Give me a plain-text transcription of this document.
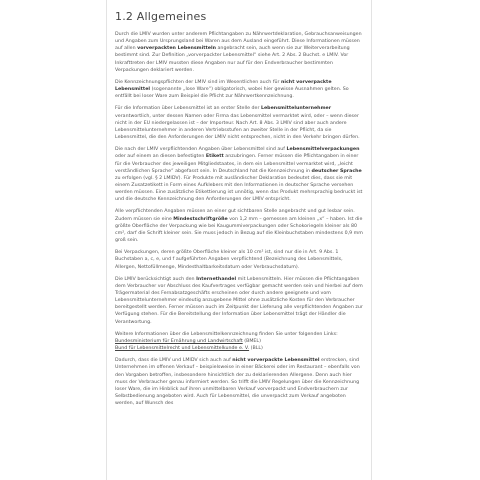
1.2 Allgemeines

Durch die LMIV wurden unter anderem Pflichtangaben zu Nährwertdeklaration, Gebrauchsanweisungen und Angaben zum Ursprungsland bei Waren aus dem Ausland eingeführt. Diese Informationen müssen auf allen vorverpackten Lebensmitteln angebracht sein, auch wenn sie zur Weiterverarbeitung bestimmt sind. Zur Definition „vorverpackter Lebensmittel“ siehe Art. 2 Abs. 2 Buchst. e LMIV. Vor Inkrafttreten der LMIV mussten diese Angaben nur auf für den Endverbraucher bestimmten Verpackungen deklariert werden.

Die Kennzeichnungspflichten der LMIV sind im Wesentlichen auch für nicht vorverpackte Lebensmittel (sogenannte „lose Ware“) obligatorisch, wobei hier gewisse Ausnahmen gelten. So entfällt bei loser Ware zum Beispiel die Pflicht zur Nährwertkennzeichnung.

Für die Information über Lebensmittel ist an erster Stelle der Lebensmittelunternehmer verantwortlich, unter dessen Namen oder Firma das Lebensmittel vermarktet wird, oder – wenn dieser nicht in der EU niedergelassen ist – der Importeur. Nach Art. 8 Abs. 3 LMIV sind aber auch andere Lebensmittelunternehmer in anderen Vertriebsstufen an zweiter Stelle in der Pflicht, da sie Lebensmittel, die den Anforderungen der LMIV nicht entsprechen, nicht in den Verkehr bringen dürfen.

Die nach der LMIV verpflichtenden Angaben über Lebensmittel sind auf Lebensmittelverpackungen oder auf einem an diesen befestigten Etikett anzubringen. Ferner müssen die Pflichtangaben in einer für die Verbraucher des jeweiligen Mitgliedstaates, in dem ein Lebensmittel vermarktet wird, „leicht verständlichen Sprache“ abgefasst sein. In Deutschland hat die Kennzeichnung in deutscher Sprache zu erfolgen (vgl. § 2 LMIDV). Für Produkte mit ausländischer Deklaration bedeutet dies, dass sie mit einem Zusatzetikett in Form eines Aufklebers mit den Informationen in deutscher Sprache versehen werden müssen. Eine zusätzliche Etikettierung ist unnötig, wenn das Produkt mehrsprachig bedruckt ist und die deutsche Kennzeichnung den Anforderungen der LMIV entspricht.

Alle verpflichtenden Angaben müssen an einer gut sichtbaren Stelle angebracht und gut lesbar sein. Zudem müssen sie eine Mindestschriftgröße von 1,2 mm – gemessen am kleinen „x“ – haben. Ist die größte Oberfläche der Verpackung wie bei Kaugummiverpackungen oder Schokoriegeln kleiner als 80 cm², darf die Schrift kleiner sein. Sie muss jedoch in Bezug auf die Kleinbuchstaben mindestens 0,9 mm groß sein.

Bei Verpackungen, deren größte Oberfläche kleiner als 10 cm² ist, sind nur die in Art. 9 Abs. 1 Buchstaben a, c, e, und f aufgeführten Angaben verpflichtend (Bezeichnung des Lebensmittels, Allergen, Nettofüllmenge, Mindesthaltbarkeitsdatum oder Verbrauchsdatum).

Die LMIV berücksichtigt auch den Internethandel mit Lebensmitteln. Hier müssen die Pflichtangaben dem Verbraucher vor Abschluss des Kaufvertrages verfügbar gemacht werden sein und hierbei auf dem Trägermaterial des Fernabsatzgeschäfts erscheinen oder durch andere geeignete und vom Lebensmittelunternehmer eindeutig anzugebene Mittel ohne zusätzliche Kosten für den Verbraucher bereitgestellt werden. Ferner müssen auch im Zeitpunkt der Lieferung alle verpflichtenden Angaben zur Verfügung stehen. Für die Bereitstellung der Information über Lebensmittel trägt der Händler die Verantwortung.

Weitere Informationen über die Lebensmittelkennzeichnung finden Sie unter folgenden Links:
Bundesministerium für Ernährung und Landwirtschaft (BMEL)
Bund für Lebensmittelrecht und Lebensmittelkunde e. V. (BLL)

Dadurch, dass die LMIV und LMIDV sich auch auf nicht vorverpackte Lebensmittel erstrecken, sind Unternehmen im offenen Verkauf – beispielsweise in einer Bäckerei oder im Restaurant – ebenfalls von den Vorgaben betroffen, insbesondere hinsichtlich der zu deklarierenden Allergene. Denn auch hier muss der Verbraucher genau informiert werden. So trifft die LMIV Regelungen über die Kennzeichnung loser Ware, die im Hinblick auf ihren unmittelbaren Verkauf vorverpackt und Endverbrauchern zur Selbstbedienung angeboten wird. Auch für Lebensmittel, die unverpackt zum Verkauf angeboten werden, auf Wunsch des
